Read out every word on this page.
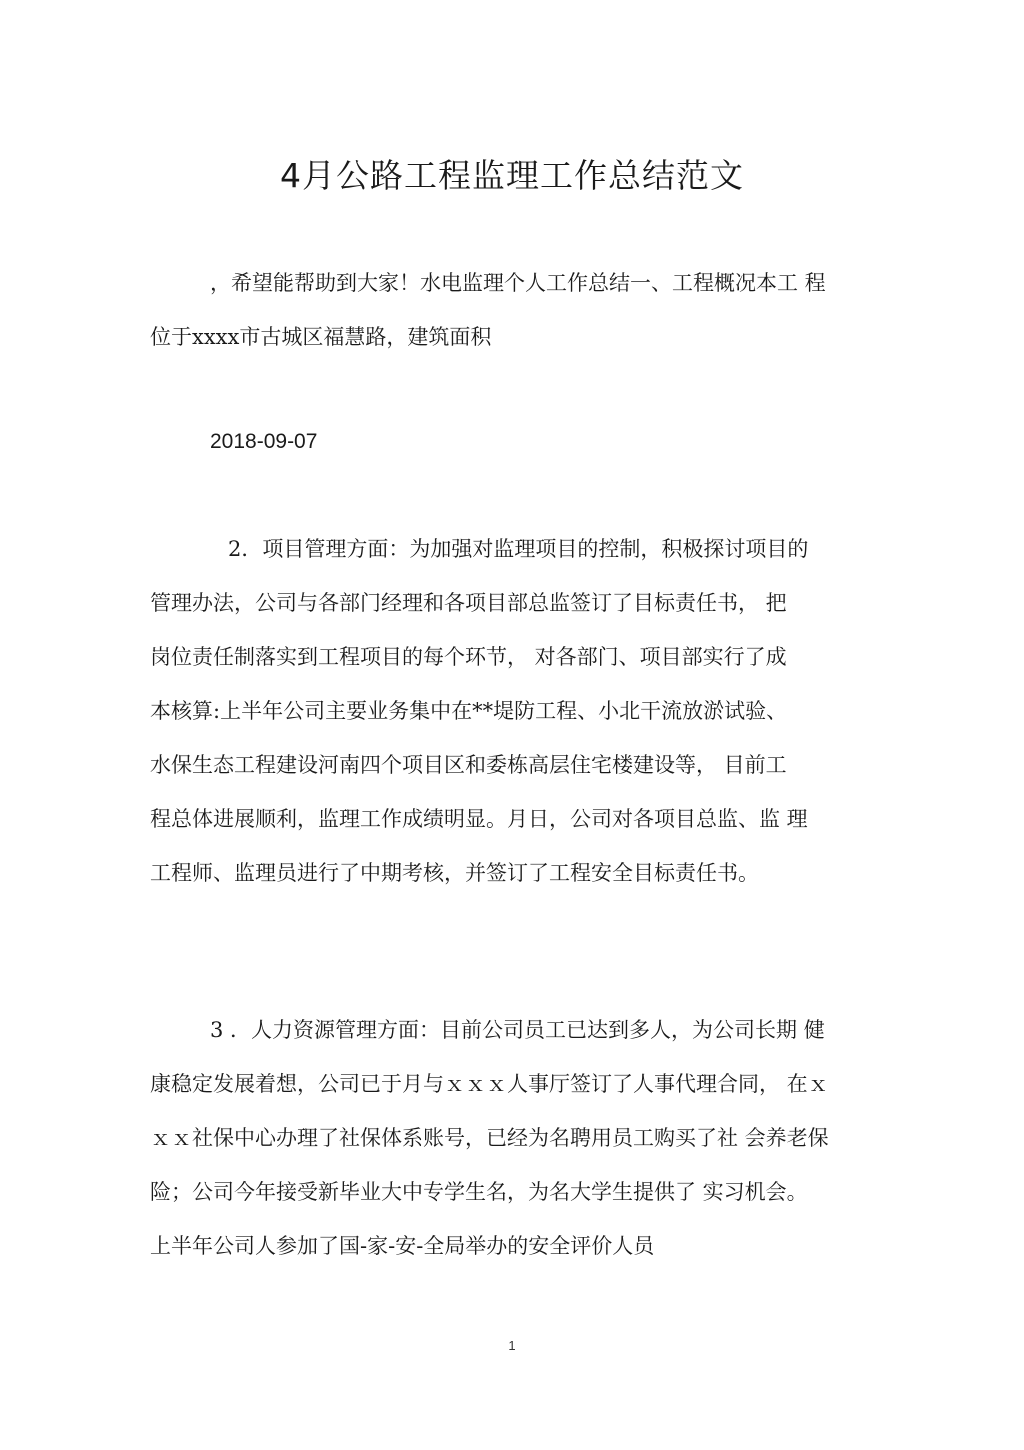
4月公路工程监理工作总结范文
，希望能帮助到大家！水电监理个人工作总结一、工程概况本工 程
位于xxxx市古城区福慧路，建筑面积

2018-09-07

2．项目管理方面：为加强对监理项目的控制，积极探讨项目的
管理办法，公司与各部门经理和各项目部总监签订了目标责任书， 把
岗位责任制落实到工程项目的每个环节， 对各部门、项目部实行了成
本核算:上半年公司主要业务集中在**堤防工程、小北干流放淤试验、
水保生态工程建设河南四个项目区和委栋高层住宅楼建设等， 目前工
程总体进展顺利，监理工作成绩明显。月日，公司对各项目总监、监 理
工程师、监理员进行了中期考核，并签订了工程安全目标责任书。
3 ．人力资源管理方面：目前公司员工已达到多人，为公司长期 健
康稳定发展着想，公司已于月与ｘｘｘ人事厅签订了人事代理合同， 在ｘ
ｘｘ社保中心办理了社保体系账号，已经为名聘用员工购买了社 会养老保
险；公司今年接受新毕业大中专学生名，为名大学生提供了 实习机会。
上半年公司人参加了国-家-安-全局举办的安全评价人员

1
